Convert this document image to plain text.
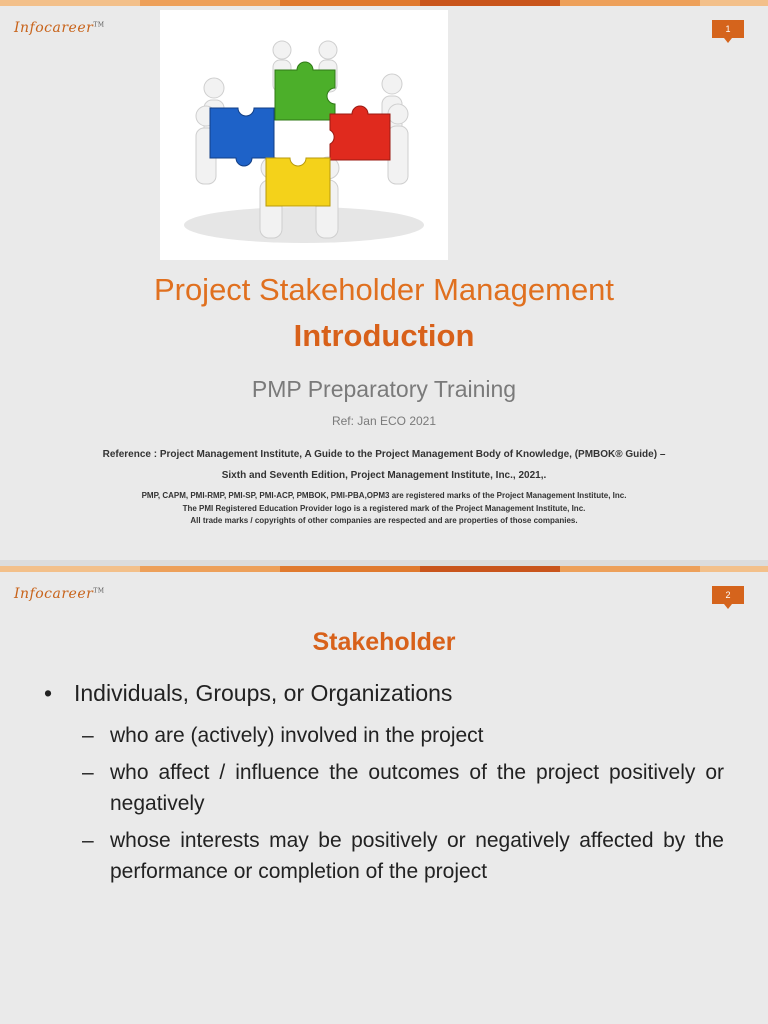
Infocareer™	1
Project Stakeholder Management
Introduction
PMP Preparatory Training
Ref: Jan ECO 2021
Reference : Project Management Institute, A Guide to the Project Management Body of Knowledge, (PMBOK® Guide) –
Sixth and Seventh Edition, Project Management Institute, Inc., 2021,.
PMP, CAPM, PMI-RMP, PMI-SP, PMI-ACP, PMBOK, PMI-PBA,OPM3 are registered marks of the Project Management Institute, Inc.
The PMI Registered Education Provider logo is a registered mark of the Project Management Institute, Inc.
All trade marks / copyrights of other companies are respected and are properties of those companies.
Infocareer™	2
Stakeholder
• Individuals, Groups, or Organizations
– who are (actively) involved in the project
– who affect / influence the outcomes of the project positively or negatively
– whose interests may be positively or negatively affected by the performance or completion of the project
